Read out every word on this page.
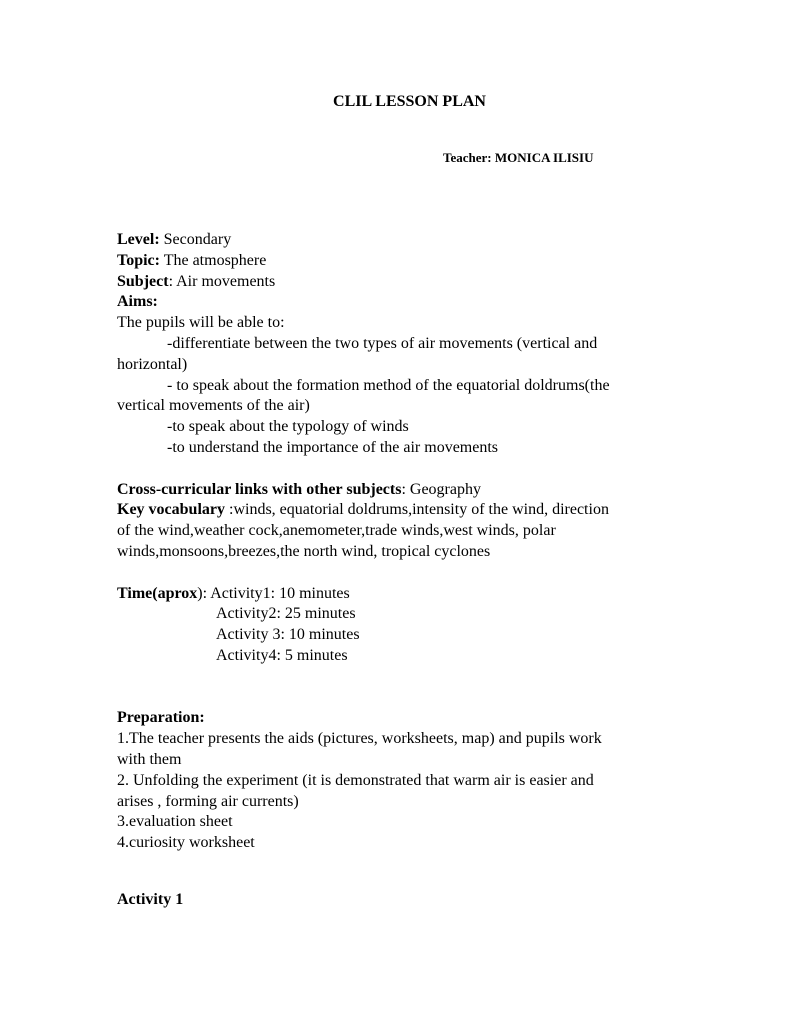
CLIL LESSON PLAN
Teacher: MONICA ILISIU
Level: Secondary
Topic: The atmosphere
Subject: Air movements
Aims:
The pupils will be able to:
-differentiate between the two types of air movements (vertical and
horizontal)
- to speak about the formation method of the equatorial doldrums(the
vertical movements of the air)
-to speak about the typology of winds
-to understand the importance of the air movements
Cross-curricular links with other subjects: Geography
Key vocabulary :winds, equatorial doldrums,intensity of the wind, direction
of the wind,weather cock,anemometer,trade winds,west winds, polar
winds,monsoons,breezes,the north wind, tropical cyclones
Time(aprox): Activity1: 10 minutes
Activity2: 25 minutes
Activity 3: 10 minutes
Activity4: 5 minutes
Preparation:
1.The teacher presents the aids (pictures, worksheets, map) and pupils work
with them
2. Unfolding the experiment (it is demonstrated that warm air is easier and
arises , forming air currents)
3.evaluation sheet
4.curiosity worksheet
Activity 1
